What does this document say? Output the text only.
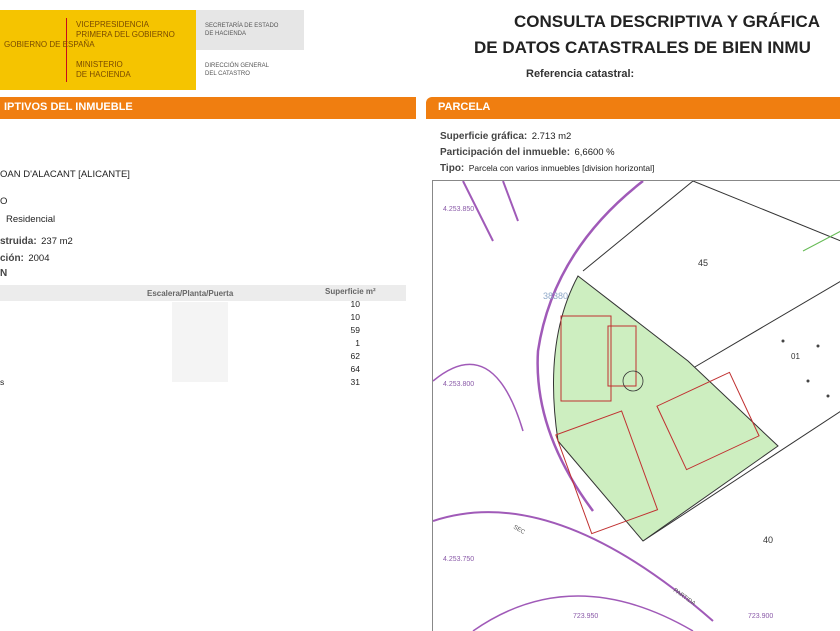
GOBIERNO DE ESPAÑA
VICEPRESIDENCIA
PRIMERA DEL GOBIERNO
MINISTERIO
DE HACIENDA
SECRETARÍA DE ESTADO
DE HACIENDA
DIRECCIÓN GENERAL
DEL CATASTRO
CONSULTA DESCRIPTIVA Y GRÁFICA
DE DATOS CATASTRALES DE BIEN INMU
Referencia catastral:
IPTIVOS DEL INMUEBLE
OAN D'ALACANT [ALICANTE]
O
Residencial
struida: 237 m2
ción: 2004
N
Escalera/Planta/Puerta	Superficie m²
10
10
59
1
62
64
31
s
PARCELA
Superficie gráfica: 2.713 m2
Participación del inmueble: 6,6600 %
Tipo: Parcela con varios inmuebles [division horizontal]
4.253.850
4.253.800
4.253.750
723.950	723.900
38380
45
40
01
SEC
PARTIDA
